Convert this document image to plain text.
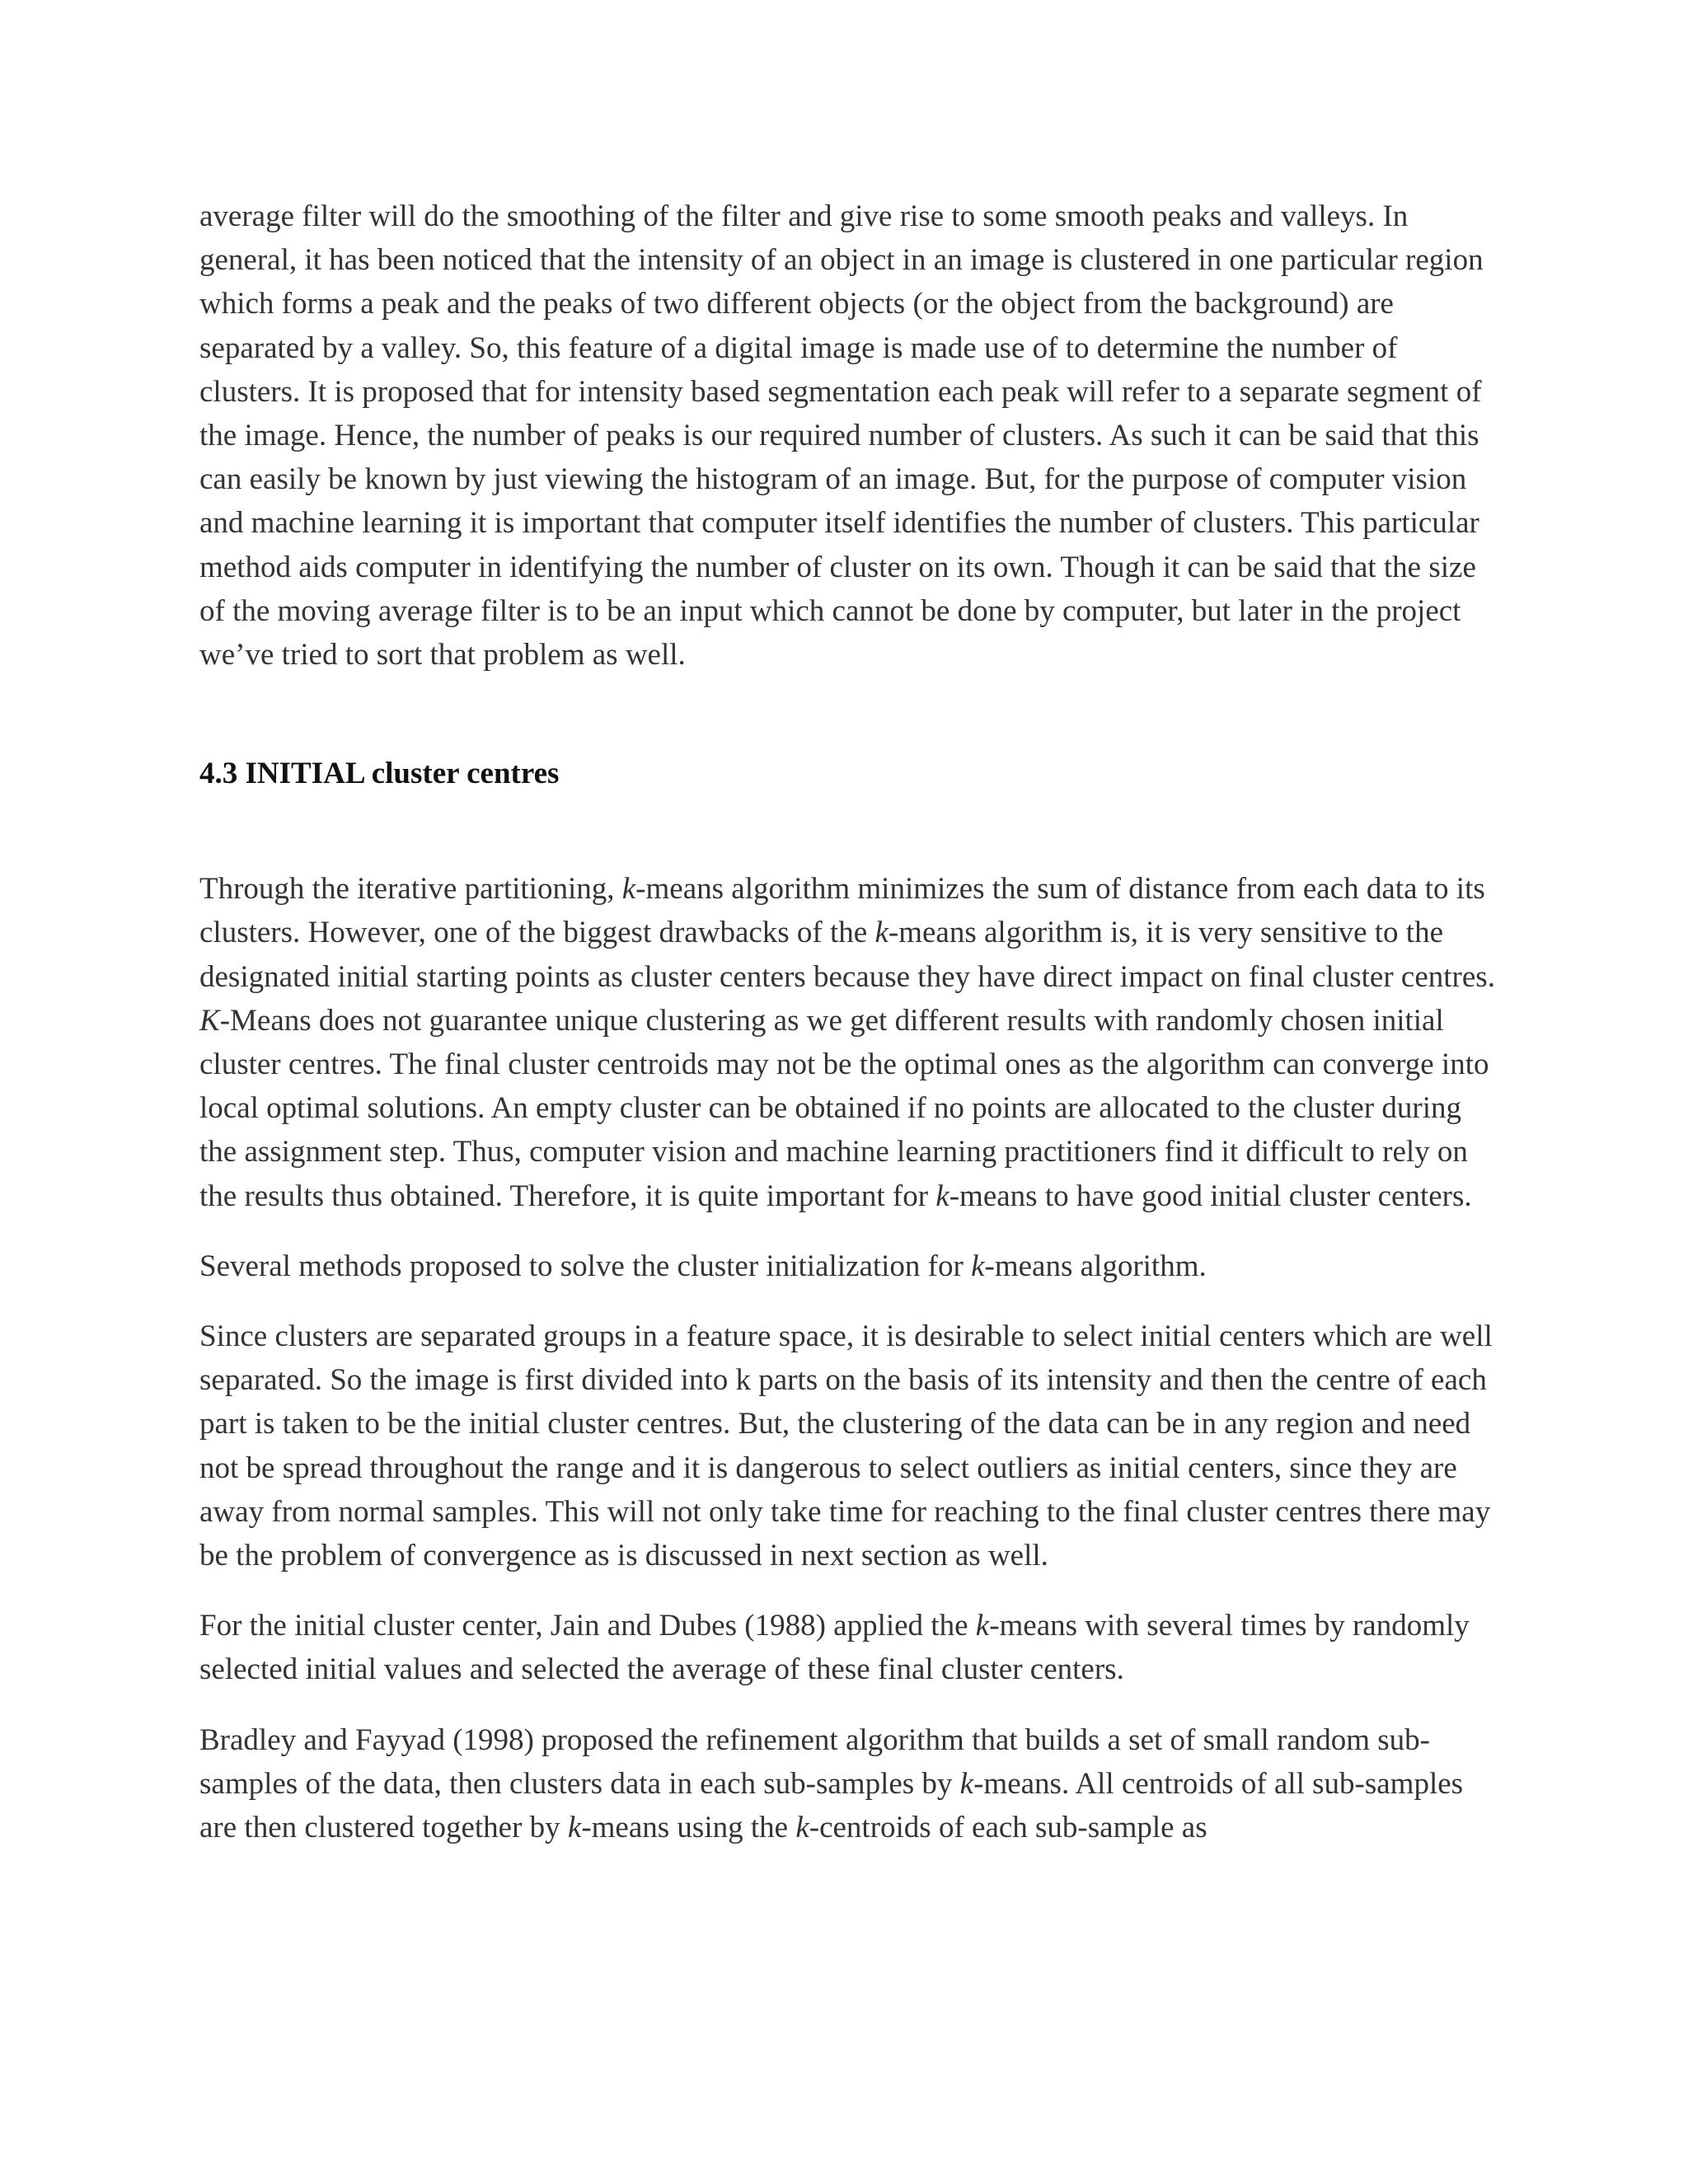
average filter will do the smoothing of the filter and give rise to some smooth peaks and valleys. In general, it has been noticed that the intensity of an object in an image is clustered in one particular region which forms a peak and the peaks of two different objects (or the object from the background) are separated by a valley. So, this feature of a digital image is made use of to determine the number of clusters. It is proposed that for intensity based segmentation each peak will refer to a separate segment of the image. Hence, the number of peaks is our required number of clusters. As such it can be said that this can easily be known by just viewing the histogram of an image. But, for the purpose of computer vision and machine learning it is important that computer itself identifies the number of clusters. This particular method aids computer in identifying the number of cluster on its own. Though it can be said that the size of the moving average filter is to be an input which cannot be done by computer, but later in the project we’ve tried to sort that problem as well.

4.3 INITIAL cluster centres

Through the iterative partitioning, k-means algorithm minimizes the sum of distance from each data to its clusters. However, one of the biggest drawbacks of the k-means algorithm is, it is very sensitive to the designated initial starting points as cluster centers because they have direct impact on final cluster centres. K-Means does not guarantee unique clustering as we get different results with randomly chosen initial cluster centres. The final cluster centroids may not be the optimal ones as the algorithm can converge into local optimal solutions. An empty cluster can be obtained if no points are allocated to the cluster during the assignment step. Thus, computer vision and machine learning practitioners find it difficult to rely on the results thus obtained. Therefore, it is quite important for k-means to have good initial cluster centers.

Several methods proposed to solve the cluster initialization for k-means algorithm.

Since clusters are separated groups in a feature space, it is desirable to select initial centers which are well separated. So the image is first divided into k parts on the basis of its intensity and then the centre of each part is taken to be the initial cluster centres. But, the clustering of the data can be in any region and need not be spread throughout the range and it is dangerous to select outliers as initial centers, since they are away from normal samples. This will not only take time for reaching to the final cluster centres there may be the problem of convergence as is discussed in next section as well.

For the initial cluster center, Jain and Dubes (1988) applied the k-means with several times by randomly selected initial values and selected the average of these final cluster centers.

Bradley and Fayyad (1998) proposed the refinement algorithm that builds a set of small random sub-samples of the data, then clusters data in each sub-samples by k-means. All centroids of all sub-samples are then clustered together by k-means using the k-centroids of each sub-sample as
